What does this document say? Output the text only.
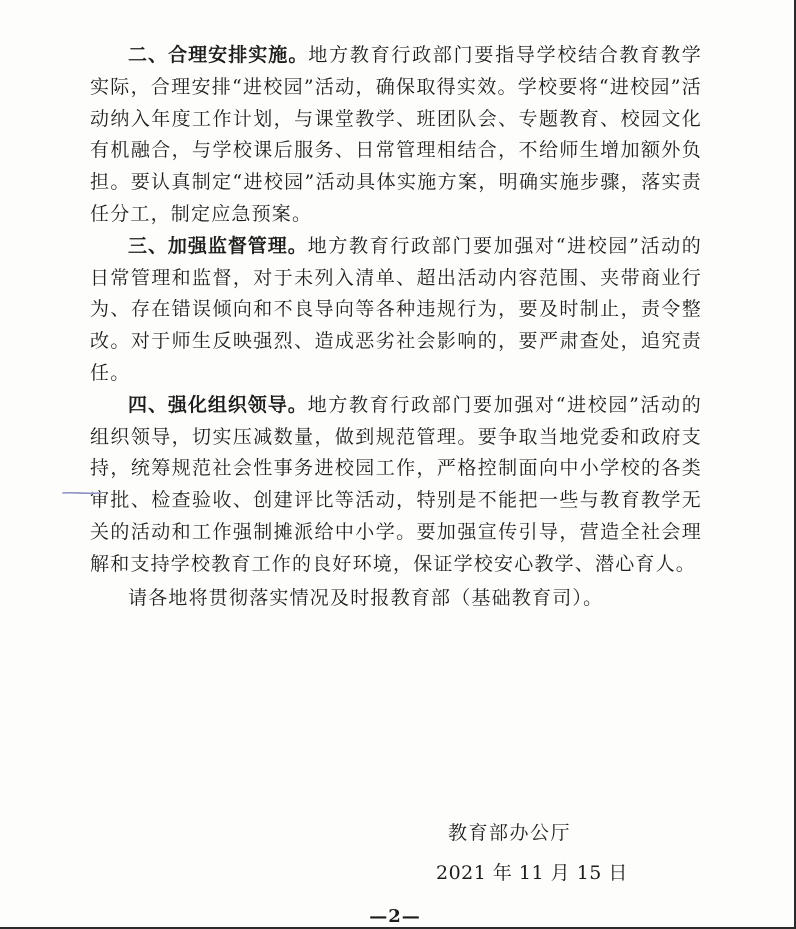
二、合理安排实施。地方教育行政部门要指导学校结合教育教学实际，合理安排“进校园”活动，确保取得实效。学校要将“进校园”活动纳入年度工作计划，与课堂教学、班团队会、专题教育、校园文化有机融合，与学校课后服务、日常管理相结合，不给师生增加额外负担。要认真制定“进校园”活动具体实施方案，明确实施步骤，落实责任分工，制定应急预案。

三、加强监督管理。地方教育行政部门要加强对“进校园”活动的日常管理和监督，对于未列入清单、超出活动内容范围、夹带商业行为、存在错误倾向和不良导向等各种违规行为，要及时制止，责令整改。对于师生反映强烈、造成恶劣社会影响的，要严肃查处，追究责任。

四、强化组织领导。地方教育行政部门要加强对“进校园”活动的组织领导，切实压减数量，做到规范管理。要争取当地党委和政府支持，统筹规范社会性事务进校园工作，严格控制面向中小学校的各类审批、检查验收、创建评比等活动，特别是不能把一些与教育教学无关的活动和工作强制摊派给中小学。要加强宣传引导，营造全社会理解和支持学校教育工作的良好环境，保证学校安心教学、潜心育人。

请各地将贯彻落实情况及时报教育部（基础教育司）。

教育部办公厅
2021 年 11 月 15 日
—2—
